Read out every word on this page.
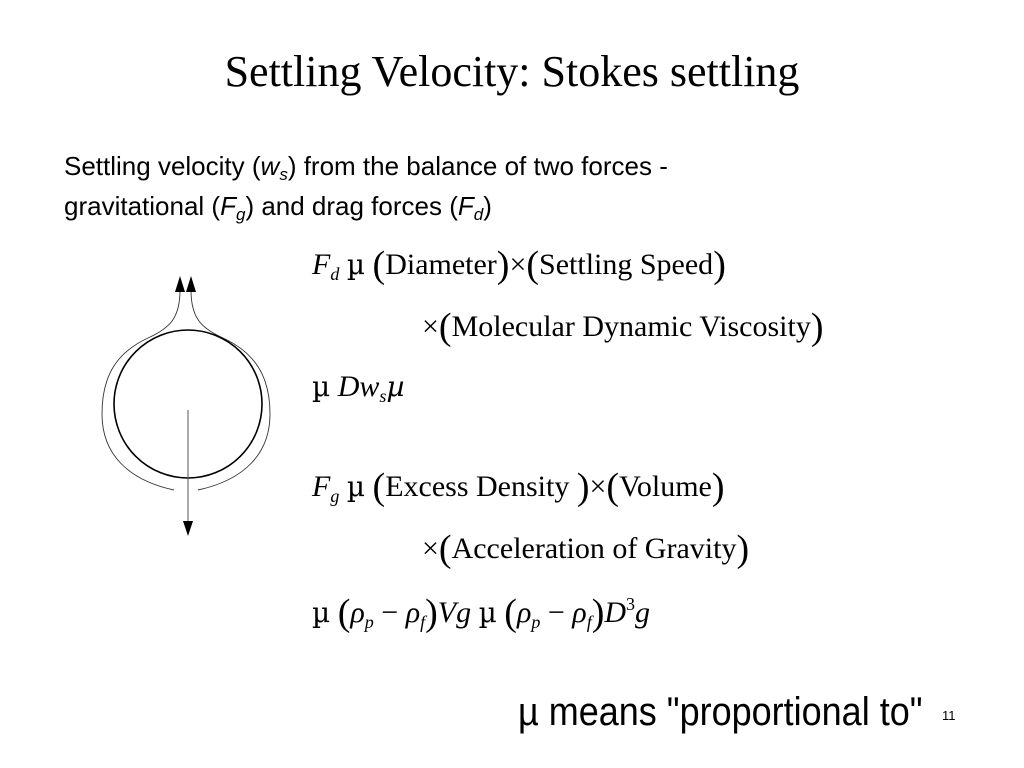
Settling Velocity: Stokes settling
Settling velocity $(w_s)$ from the balance of two forces -
gravitational $(F_g)$ and drag forces $(F_d)$
$F_d$ µ (Diameter)×(Settling Speed)
×(Molecular Dynamic Viscosity)
µ $Dw_s\mu$
$F_g$ µ (Excess Density )×(Volume)
×(Acceleration of Gravity)
µ $(\rho_p - \rho_f)Vg$ µ $(\rho_p - \rho_f)D^3g$
µ means "proportional to" 11
